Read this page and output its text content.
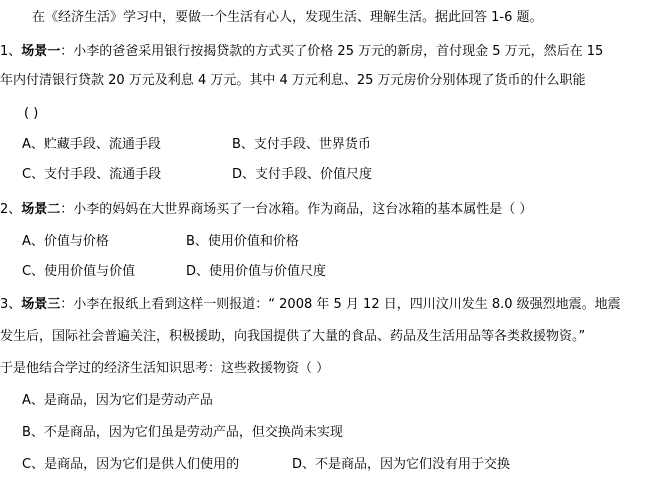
在《经济生活》学习中，要做一个生活有心人，发现生活、理解生活。据此回答 1-6 题。
1、场景一：小李的爸爸采用银行按揭贷款的方式买了价格 25 万元的新房，首付现金 5 万元，然后在 15
年内付清银行贷款 20 万元及利息 4 万元。其中 4 万元利息、25 万元房价分别体现了货币的什么职能
( )
A、贮藏手段、流通手段	B、支付手段、世界货币
C、支付手段、流通手段	D、支付手段、价值尺度
2、场景二：小李的妈妈在大世界商场买了一台冰箱。作为商品，这台冰箱的基本属性是（ ）
A、价值与价格	B、使用价值和价格
C、使用价值与价值	D、使用价值与价值尺度
3、场景三：小李在报纸上看到这样一则报道：“ 2008 年 5 月 12 日，四川汶川发生 8.0 级强烈地震。地震
发生后，国际社会普遍关注，积极援助，向我国提供了大量的食品、药品及生活用品等各类救援物资。”
于是他结合学过的经济生活知识思考：这些救援物资（ ）
A、是商品，因为它们是劳动产品
B、不是商品，因为它们虽是劳动产品，但交换尚未实现
C、是商品，因为它们是供人们使用的	D、不是商品，因为它们没有用于交换
